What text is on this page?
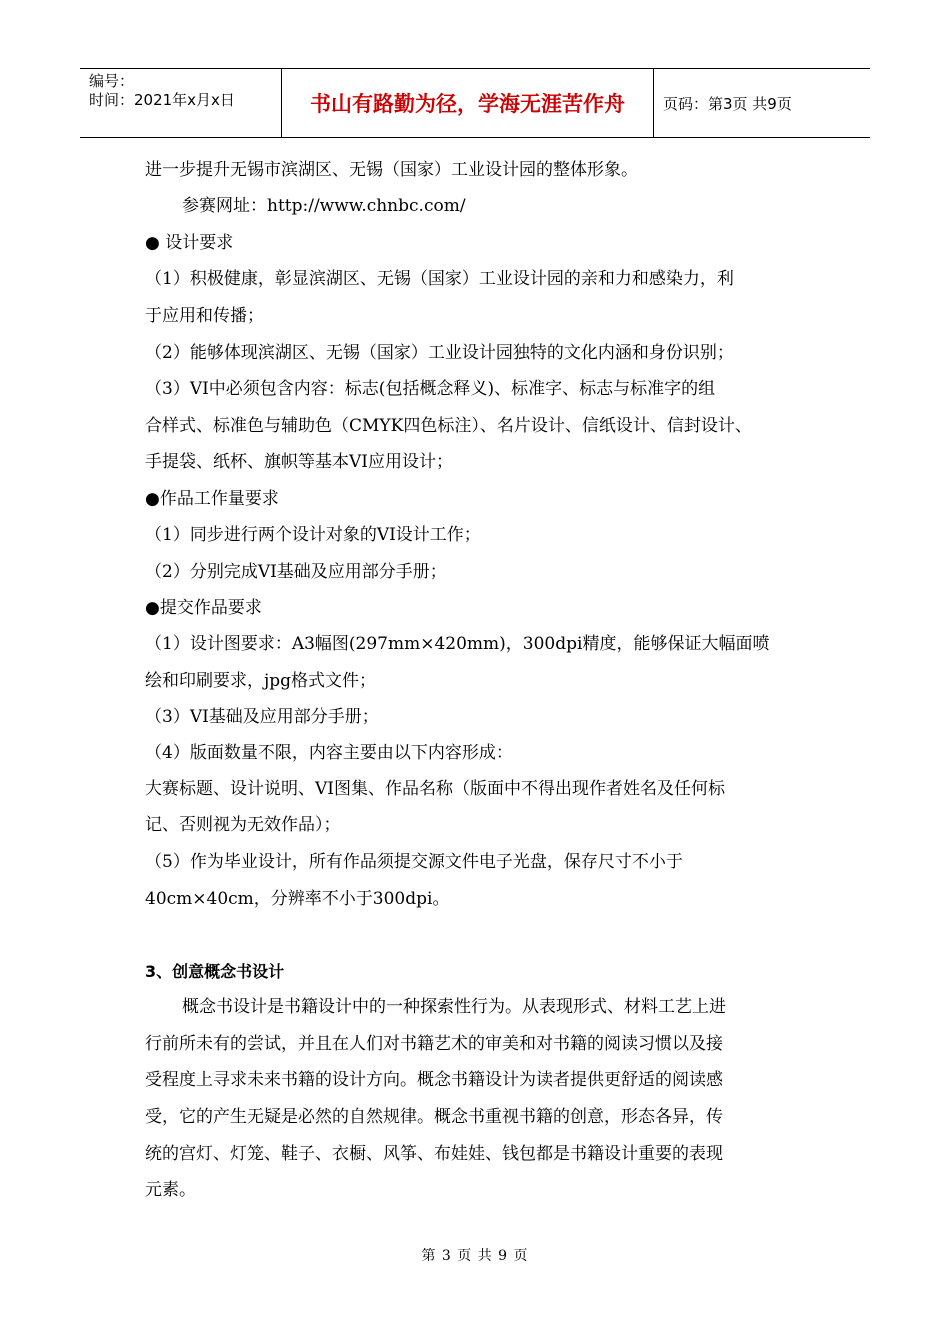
编号：
时间：2021年x月x日	书山有路勤为径，学海无涯苦作舟	页码：第3页 共9页
进一步提升无锡市滨湖区、无锡（国家）工业设计园的整体形象。
参赛网址：http://www.chnbc.com/
● 设计要求
（1）积极健康，彰显滨湖区、无锡（国家）工业设计园的亲和力和感染力，利
于应用和传播；
（2）能够体现滨湖区、无锡（国家）工业设计园独特的文化内涵和身份识别；
（3）VI中必须包含内容：标志(包括概念释义)、标准字、标志与标准字的组
合样式、标准色与辅助色（CMYK四色标注）、名片设计、信纸设计、信封设计、
手提袋、纸杯、旗帜等基本VI应用设计；
●作品工作量要求
（1）同步进行两个设计对象的VI设计工作；
（2）分别完成VI基础及应用部分手册；
●提交作品要求
（1）设计图要求：A3幅图(297mm×420mm)，300dpi精度，能够保证大幅面喷
绘和印刷要求，jpg格式文件；
（3）VI基础及应用部分手册；
（4）版面数量不限，内容主要由以下内容形成：
大赛标题、设计说明、VI图集、作品名称（版面中不得出现作者姓名及任何标
记、否则视为无效作品）；
（5）作为毕业设计，所有作品须提交源文件电子光盘，保存尺寸不小于
40cm×40cm，分辨率不小于300dpi。
3、创意概念书设计
概念书设计是书籍设计中的一种探索性行为。从表现形式、材料工艺上进
行前所未有的尝试，并且在人们对书籍艺术的审美和对书籍的阅读习惯以及接
受程度上寻求未来书籍的设计方向。概念书籍设计为读者提供更舒适的阅读感
受，它的产生无疑是必然的自然规律。概念书重视书籍的创意，形态各异，传
统的宫灯、灯笼、鞋子、衣橱、风筝、布娃娃、钱包都是书籍设计重要的表现
元素。
第 3 页 共 9 页
